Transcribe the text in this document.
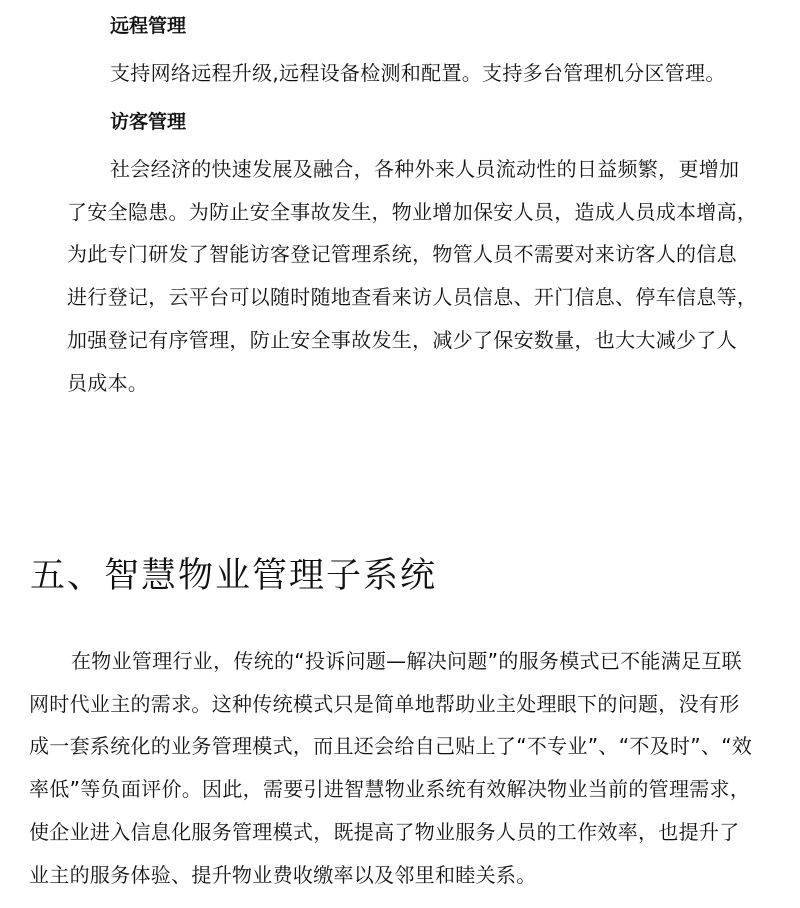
远程管理

支持网络远程升级,远程设备检测和配置。支持多台管理机分区管理。

访客管理

社会经济的快速发展及融合，各种外来人员流动性的日益频繁，更增加
了安全隐患。为防止安全事故发生，物业增加保安人员，造成人员成本增高，
为此专门研发了智能访客登记管理系统，物管人员不需要对来访客人的信息
进行登记，云平台可以随时随地查看来访人员信息、开门信息、停车信息等，
加强登记有序管理，防止安全事故发生，减少了保安数量，也大大减少了人
员成本。

五、智慧物业管理子系统

在物业管理行业，传统的“投诉问题—解决问题”的服务模式已不能满足互联
网时代业主的需求。这种传统模式只是简单地帮助业主处理眼下的问题，没有形
成一套系统化的业务管理模式，而且还会给自己贴上了“不专业”、“不及时”、“效
率低”等负面评价。因此，需要引进智慧物业系统有效解决物业当前的管理需求，
使企业进入信息化服务管理模式，既提高了物业服务人员的工作效率，也提升了
业主的服务体验、提升物业费收缴率以及邻里和睦关系。
